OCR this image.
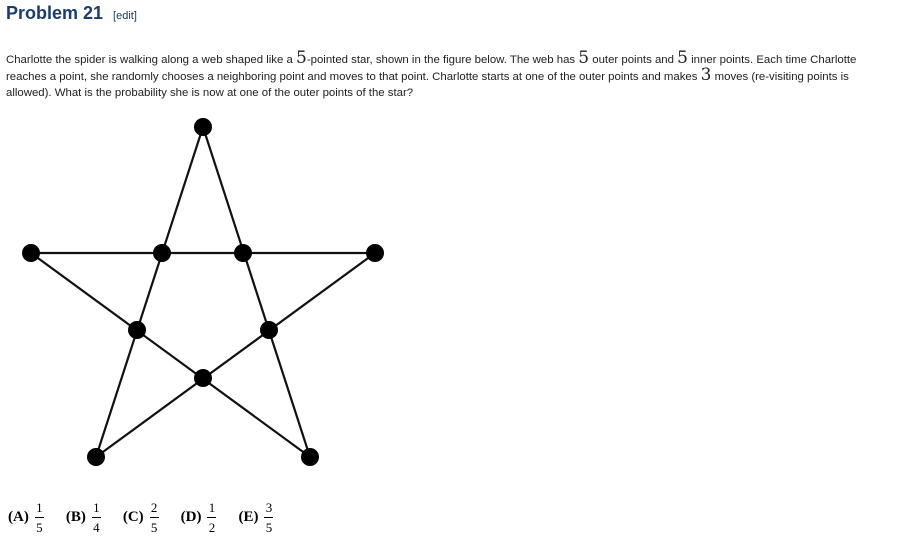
Problem 21 [edit]
Charlotte the spider is walking along a web shaped like a 5-pointed star, shown in the figure below. The web has 5 outer points and 5 inner points. Each time Charlotte reaches a point, she randomly chooses a neighboring point and moves to that point. Charlotte starts at one of the outer points and makes 3 moves (re-visiting points is allowed). What is the probability she is now at one of the outer points of the star?
$(A) \frac{1}{5} (B) \frac{1}{4} (C) \frac{2}{5} (D) \frac{1}{2} (E) \frac{3}{5}$
